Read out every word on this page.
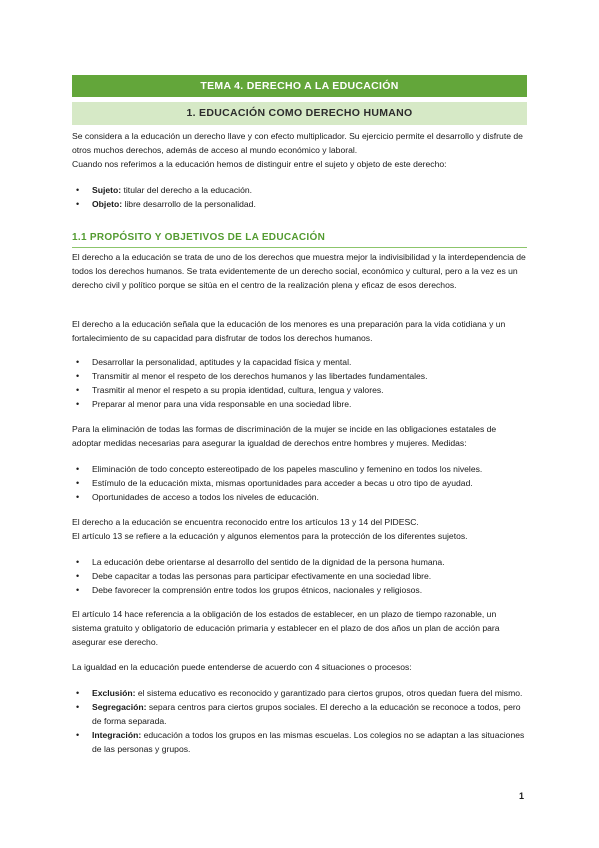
TEMA 4. DERECHO A LA EDUCACIÓN
1. EDUCACIÓN COMO DERECHO HUMANO
Se considera a la educación un derecho llave y con efecto multiplicador. Su ejercicio permite el desarrollo y disfrute de otros muchos derechos, además de acceso al mundo económico y laboral.
Cuando nos referimos a la educación hemos de distinguir entre el sujeto y objeto de este derecho:
• Sujeto: titular del derecho a la educación.
• Objeto: libre desarrollo de la personalidad.
1.1 PROPÓSITO Y OBJETIVOS DE LA EDUCACIÓN
El derecho a la educación se trata de uno de los derechos que muestra mejor la indivisibilidad y la interdependencia de todos los derechos humanos. Se trata evidentemente de un derecho social, económico y cultural, pero a la vez es un derecho civil y político porque se sitúa en el centro de la realización plena y eficaz de esos derechos.
El derecho a la educación señala que la educación de los menores es una preparación para la vida cotidiana y un fortalecimiento de su capacidad para disfrutar de todos los derechos humanos.
• Desarrollar la personalidad, aptitudes y la capacidad física y mental.
• Transmitir al menor el respeto de los derechos humanos y las libertades fundamentales.
• Trasmitir al menor el respeto a su propia identidad, cultura, lengua y valores.
• Preparar al menor para una vida responsable en una sociedad libre.
Para la eliminación de todas las formas de discriminación de la mujer se incide en las obligaciones estatales de adoptar medidas necesarias para asegurar la igualdad de derechos entre hombres y mujeres. Medidas:
• Eliminación de todo concepto estereotipado de los papeles masculino y femenino en todos los niveles.
• Estímulo de la educación mixta, mismas oportunidades para acceder a becas u otro tipo de ayudad.
• Oportunidades de acceso a todos los niveles de educación.
El derecho a la educación se encuentra reconocido entre los artículos 13 y 14 del PIDESC.
El artículo 13 se refiere a la educación y algunos elementos para la protección de los diferentes sujetos.
• La educación debe orientarse al desarrollo del sentido de la dignidad de la persona humana.
• Debe capacitar a todas las personas para participar efectivamente en una sociedad libre.
• Debe favorecer la comprensión entre todos los grupos étnicos, nacionales y religiosos.
El artículo 14 hace referencia a la obligación de los estados de establecer, en un plazo de tiempo razonable, un sistema gratuito y obligatorio de educación primaria y establecer en el plazo de dos años un plan de acción para asegurar ese derecho.
La igualdad en la educación puede entenderse de acuerdo con 4 situaciones o procesos:
• Exclusión: el sistema educativo es reconocido y garantizado para ciertos grupos, otros quedan fuera del mismo.
• Segregación: separa centros para ciertos grupos sociales. El derecho a la educación se reconoce a todos, pero de forma separada.
• Integración: educación a todos los grupos en las mismas escuelas. Los colegios no se adaptan a las situaciones de las personas y grupos.
1
